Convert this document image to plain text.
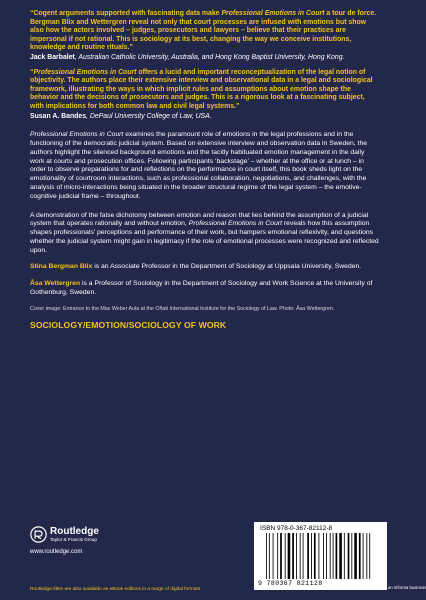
“Cogent arguments supported with fascinating data make Professional Emotions in Court a tour de force. Bergman Blix and Wettergren reveal not only that court processes are infused with emotions but show also how the actors involved – judges, prosecutors and lawyers – believe that their practices are impersonal if not rational. This is sociology at its best, changing the way we conceive institutions, knowledge and routine rituals.”

Jack Barbalet, Australian Catholic University, Australia, and Hong Kong Baptist University, Hong Kong.

“Professional Emotions in Court offers a lucid and important reconceptualization of the legal notion of objectivity. The authors place their extensive interview and observational data in a legal and sociological framework, illustrating the ways in which implicit rules and assumptions about emotion shape the behavior and the decisions of prosecutors and judges. This is a rigorous look at a fascinating subject, with implications for both common law and civil legal systems.”

Susan A. Bandes, DePaul University College of Law, USA.

Professional Emotions in Court examines the paramount role of emotions in the legal professions and in the functioning of the democratic judicial system. Based on extensive interview and observation data in Sweden, the authors highlight the silenced background emotions and the tacitly habituated emotion management in the daily work at courts and prosecution offices. Following participants ‘backstage’ – whether at the office or at lunch – in order to observe preparations for and reflections on the performance in court itself, this book sheds light on the emotionality of courtroom interactions, such as professional collaboration, negotiations, and challenges, with the analysis of micro-interactions being situated in the broader structural regime of the legal system – the emotive-cognitive judicial frame – throughout.

A demonstration of the false dichotomy between emotion and reason that lies behind the assumption of a judicial system that operates rationally and without emotion, Professional Emotions in Court reveals how this assumption shapes professionals’ perceptions and performance of their work, but hampers emotional reflexivity, and questions whether the judicial system might gain in legitimacy if the role of emotional processes were recognized and reflected upon.

Stina Bergman Blix is an Associate Professor in the Department of Sociology at Uppsala University, Sweden.

Åsa Wettergren is a Professor of Sociology in the Department of Sociology and Work Science at the University of Gothenburg, Sweden.

Cover image: Entrance to the Max Weber Aula at the Oñati International Institute for the Sociology of Law. Photo: Åsa Wettergren.
SOCIOLOGY/EMOTION/SOCIOLOGY OF WORK
Routledge
Taylor & Francis Group
www.routledge.com
Routledge titles are also available as eBook editions in a range of digital formats
ISBN 978-0-367-82112-8
9 780367 821128
an informa business
